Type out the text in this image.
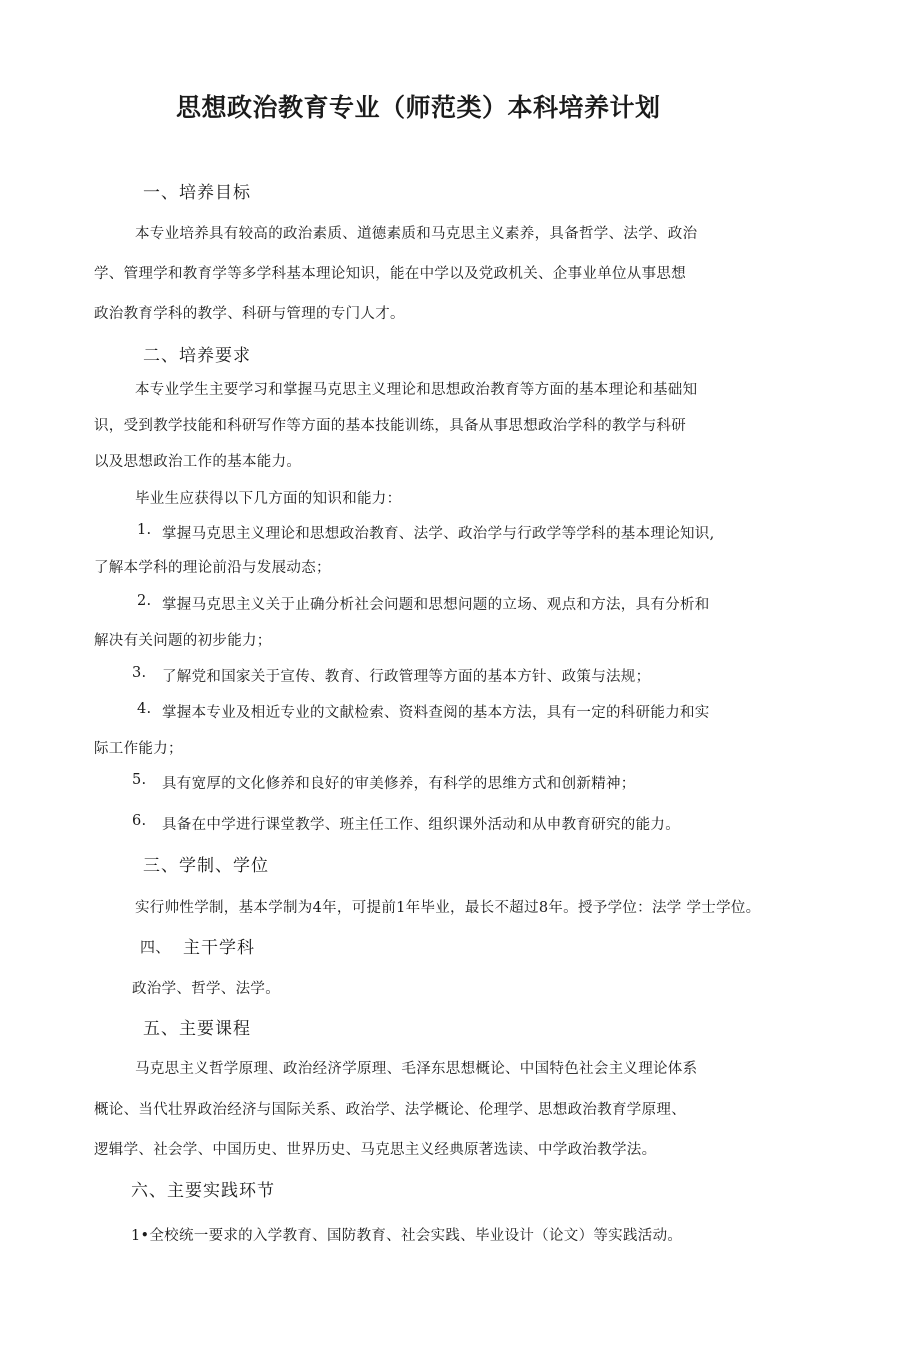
思想政治教育专业（师范类）本科培养计划
一、培养目标

本专业培养具有较高的政治素质、道德素质和马克思主义素养，具备哲学、法学、政治

学、管理学和教育学等多学科基本理论知识，能在中学以及党政机关、企事业单位从事思想

政治教育学科的教学、科研与管理的专门人才。

二、培养要求

本专业学生主要学习和掌握马克思主义理论和思想政治教育等方面的基本理论和基础知

识，受到教学技能和科研写作等方面的基本技能训练，具备从事思想政治学科的教学与科研

以及思想政治工作的基本能力。

毕业生应获得以下几方面的知识和能力：

1. 掌握马克思主义理论和思想政治教育、法学、政治学与行政学等学科的基本理论知识,
了解本学科的理论前沿与发展动态；
2. 掌握马克思主义关于止确分析社会问题和思想问题的立场、观点和方法，具有分析和
解决有关问题的初步能力；
3. 了解党和国家关于宣传、教育、行政管理等方面的基本方针、政策与法规；
4. 掌握本专业及相近专业的文献检索、资料查阅的基本方法，具有一定的科研能力和实
际工作能力；
5. 具有宽厚的文化修养和良好的审美修养，有科学的思维方式和创新精神；
6. 具备在中学进行课堂教学、班主任工作、组织课外活动和从申教育研究的能力。
三、学制、学位

实行帅性学制，基本学制为4年，可提前1年毕业，最长不超过8年。授予学位：法学 学士学位。

四、 主干学科

政治学、哲学、法学。

五、主要课程

马克思主义哲学原理、政治经济学原理、毛泽东思想概论、中国特色社会主义理论体系

概论、当代壮界政治经济与国际关系、政治学、法学概论、伦理学、思想政治教育学原理、

逻辑学、社会学、中国历史、世界历史、马克思主义经典原著选读、中学政治教学法。

六、主要实践环节

1•全校统一要求的入学教育、国防教育、社会实践、毕业设计（论文）等实践活动。
